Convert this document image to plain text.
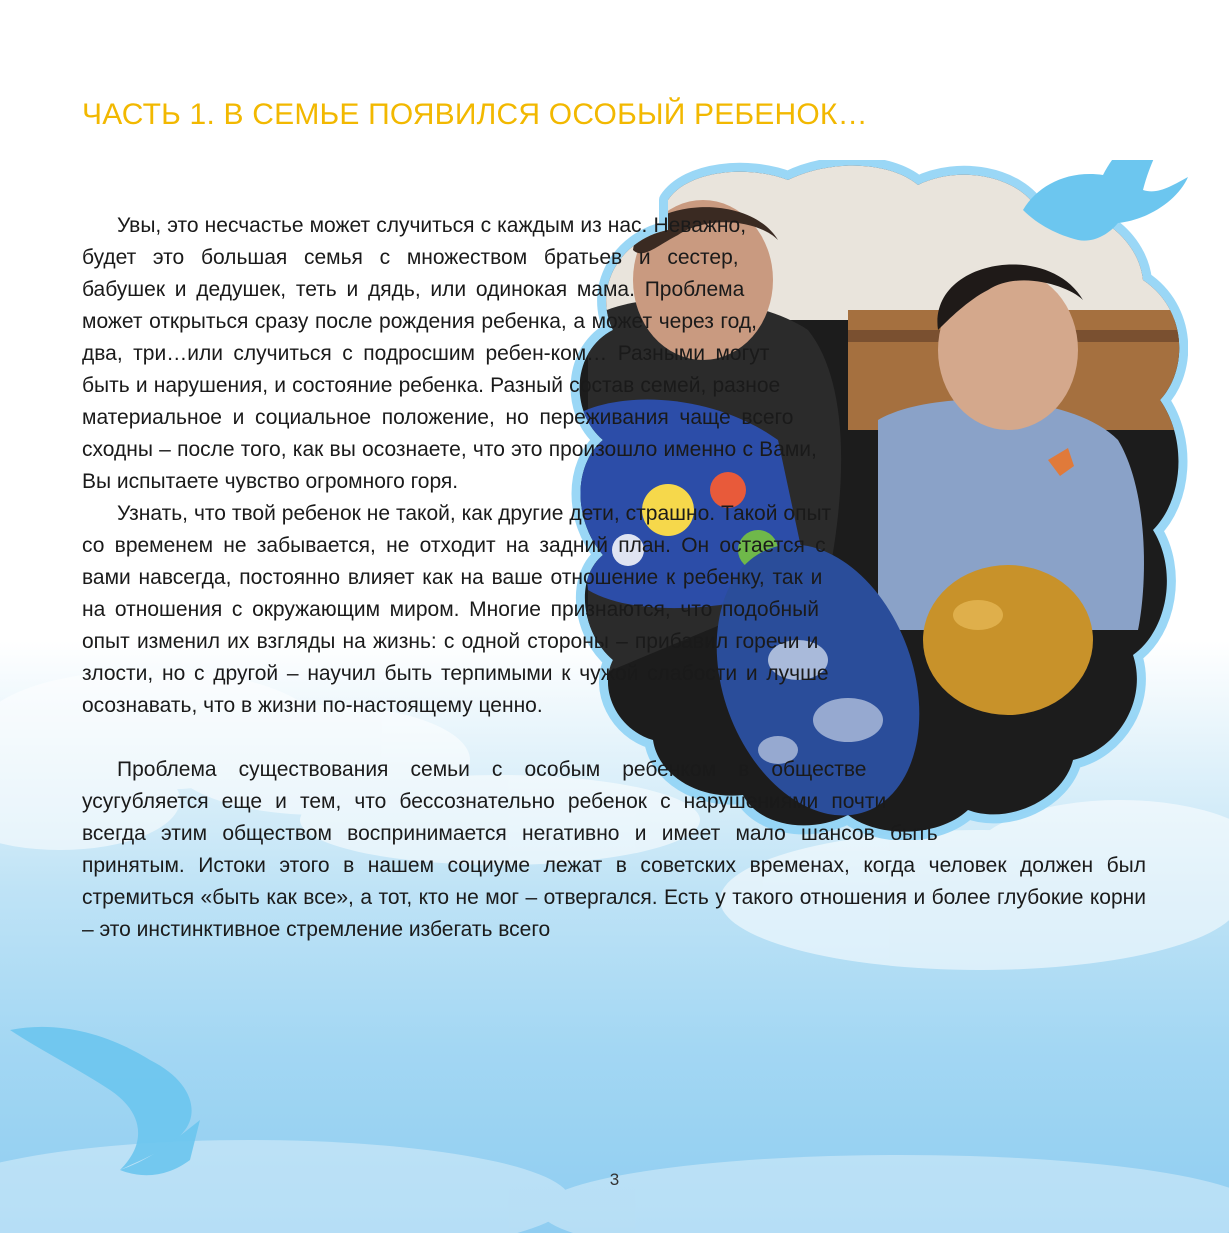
ЧАСТЬ 1. В СЕМЬЕ ПОЯВИЛСЯ ОСОБЫЙ РЕБЕНОК…

Увы, это несчастье может случиться с каждым из нас. Неважно, будет это большая семья с множеством братьев и сестер, бабушек и дедушек, теть и дядь, или одинокая мама. Проблема может открыться сразу после рождения ребенка, а может через год, два, три…или случиться с подросшим ребен-ком… Разными могут быть и нарушения, и состояние ребенка. Разный состав семей, разное материальное и социальное положение, но переживания чаще всего сходны – после того, как вы осознаете, что это произошло именно с Вами, Вы испытаете чувство огромного горя.

Узнать, что твой ребенок не такой, как другие дети, страшно. Такой опыт со временем не забывается, не отходит на задний план. Он остается с вами навсегда, постоянно влияет как на ваше отношение к ребенку, так и на отношения с окружающим миром. Многие признаются, что подобный опыт изменил их взгляды на жизнь: с одной стороны – прибавил горечи и злости, но с другой – научил быть терпимыми к чужой слабости и лучше осознавать, что в жизни по-настоящему ценно.

Проблема существования семьи с особым ребенком в обществе усугубляется еще и тем, что бессознательно ребенок с нарушениями почти всегда этим обществом воспринимается негативно и имеет мало шансов быть принятым. Истоки этого в нашем социуме лежат в советских временах, когда человек должен был стремиться «быть как все», а тот, кто не мог – отвергался. Есть у такого отношения и более глубокие корни – это инстинктивное стремление избегать всего

3
